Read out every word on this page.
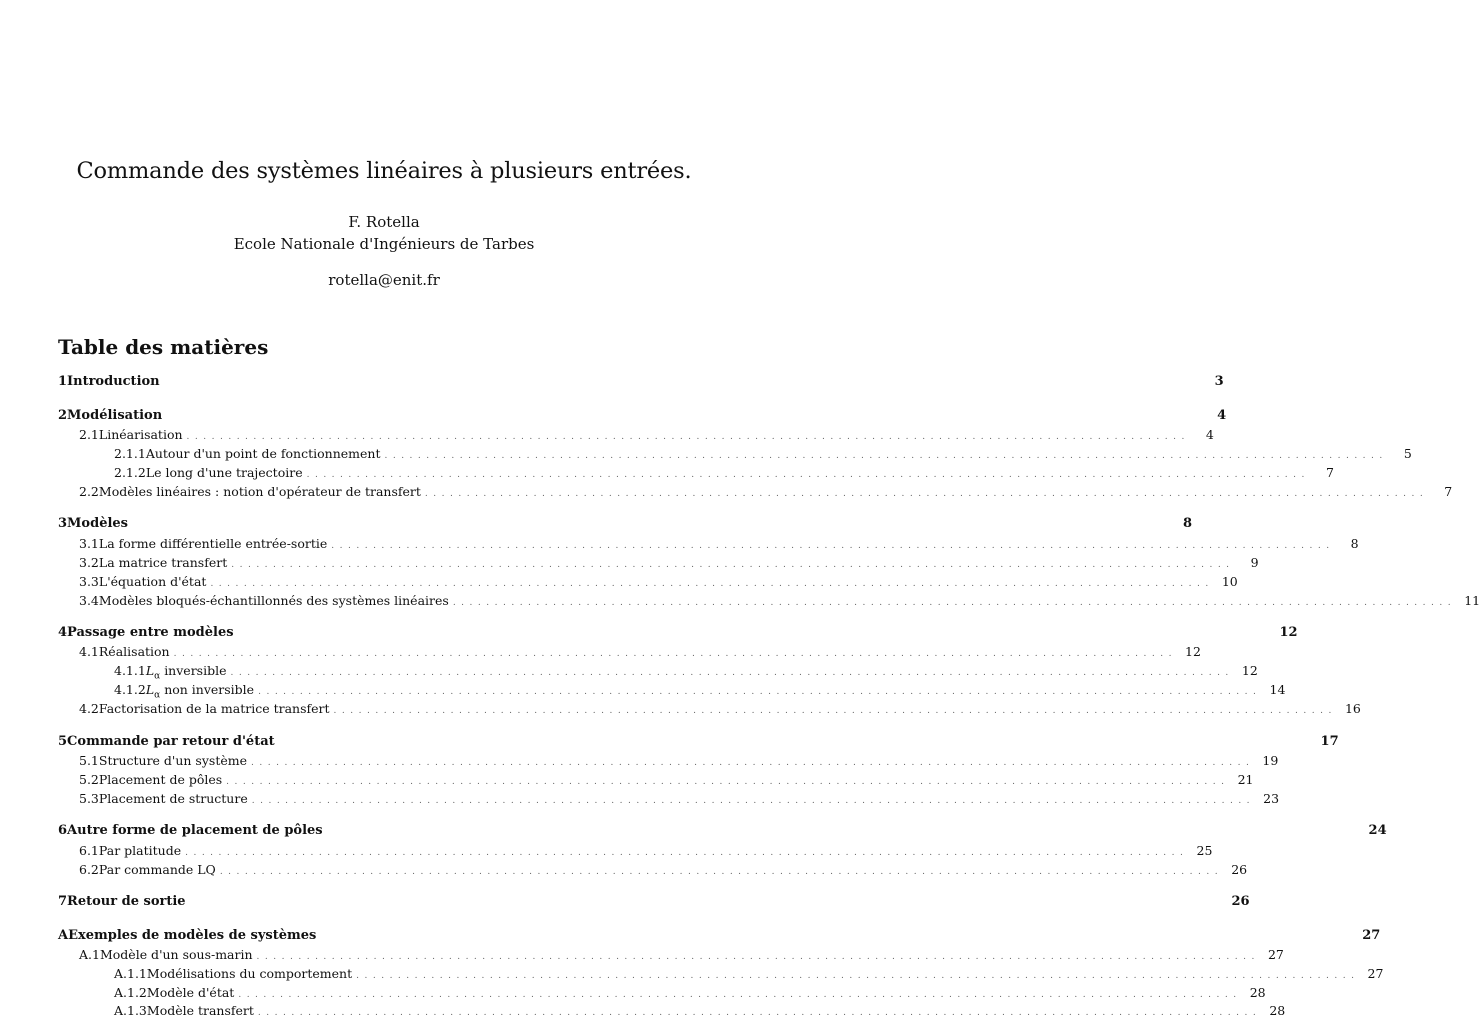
Commande des systèmes linéaires à plusieurs entrées.
F. Rotella
Ecole Nationale d'Ingénieurs de Tarbes
rotella@enit.fr
Table des matières
1 Introduction	3
2 Modélisation	4
2.1 Linéarisation ........................................................................................................................	4
2.1.1 Autour d'un point de fonctionnement ........................................................................................................................	5
2.1.2 Le long d'une trajectoire ........................................................................................................................	7
2.2 Modèles linéaires : notion d'opérateur de transfert ........................................................................................................................	7
3 Modèles	8
3.1 La forme différentielle entrée-sortie ........................................................................................................................	8
3.2 La matrice transfert ........................................................................................................................	9
3.3 L'équation d'état ........................................................................................................................ 10
3.4 Modèles bloqués-échantillonnés des systèmes linéaires ........................................................................................................................ 11
4 Passage entre modèles	12
4.1 Réalisation ........................................................................................................................ 12
4.1.1 $L_\alpha$ inversible ........................................................................................................................ 12
4.1.2 $L_\alpha$ non inversible ........................................................................................................................ 14
4.2 Factorisation de la matrice transfert ........................................................................................................................ 16
5 Commande par retour d'état	17
5.1 Structure d'un système ........................................................................................................................ 19
5.2 Placement de pôles ........................................................................................................................ 21
5.3 Placement de structure ........................................................................................................................ 23
6 Autre forme de placement de pôles	24
6.1 Par platitude ........................................................................................................................ 25
6.2 Par commande LQ ........................................................................................................................ 26
7 Retour de sortie	26
A Exemples de modèles de systèmes	27
A.1 Modèle d'un sous-marin ........................................................................................................................ 27
A.1.1 Modélisations du comportement ........................................................................................................................ 27
A.1.2 Modèle d'état ........................................................................................................................ 28
A.1.3 Modèle transfert ........................................................................................................................ 28
